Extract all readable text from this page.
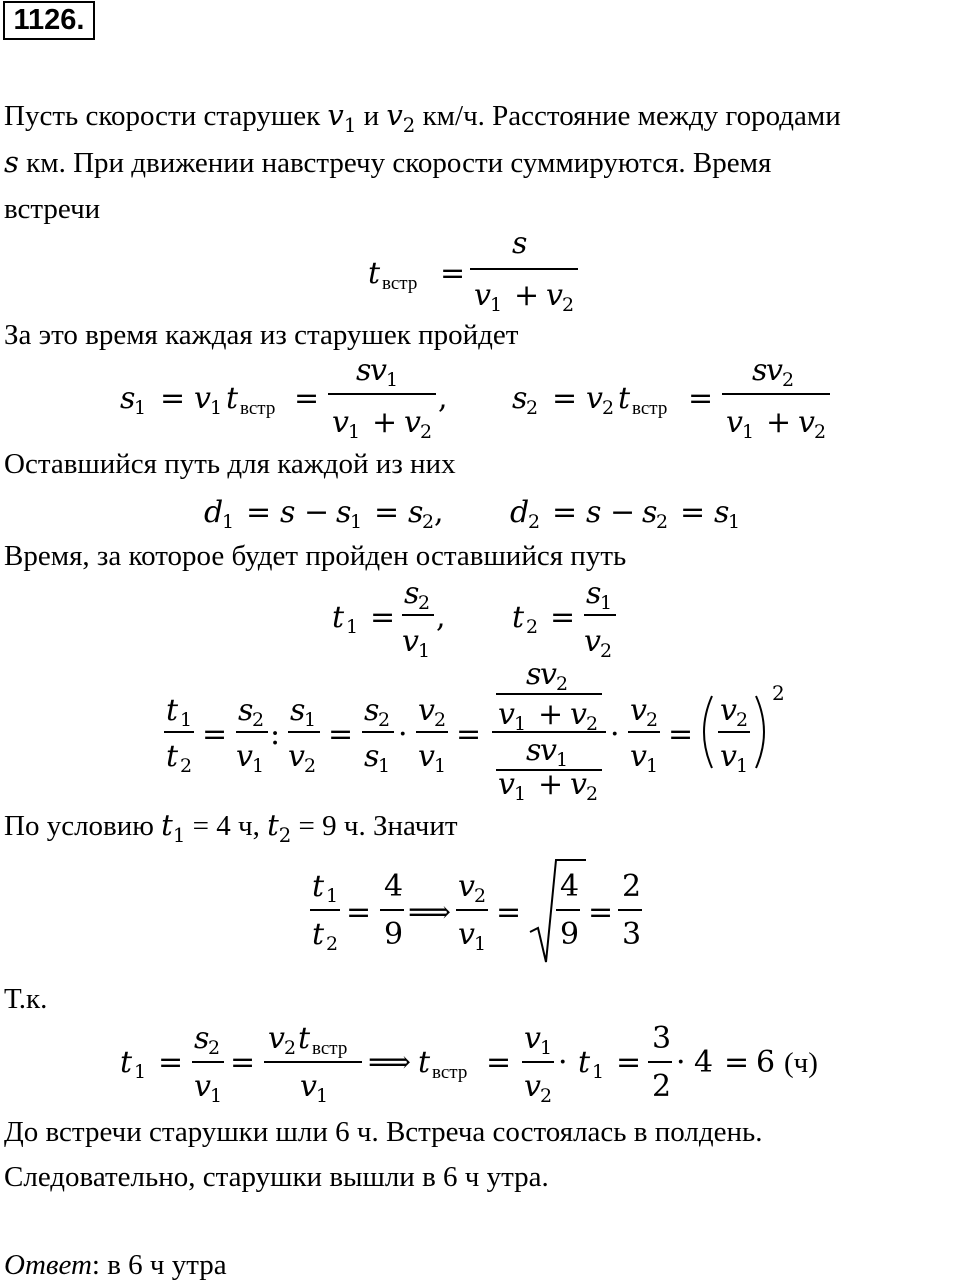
1126.
Пусть скорости старушек $v_1$ и $v_2$ км/ч. Расстояние между городами
s км. При движении навстречу скорости суммируются. Время
встречи
t встр =
s
v 1 + v 2
За это время каждая из старушек пройдет
s
1 = v 1 t встр =
s
v 1
v 1 + v 2
, s
2 = v 2 t встр =
s
v 2
v 1 + v 2
Оставшийся путь для каждой из них
d
1 = s − s
1 = s
2 , d
2 = s − s
2 = s
1
Время, за которое будет пройден оставшийся путь
t 1 =
s
2
v 1
, t 2 =
s
1
v 2
t 1
t 2
=
s
2
v 1
:
s
1
v 2
=
s
2
s
1
·
v 2
v 1
=
s
v 2
v 1 + v 2
s
v 1
v 1 + v 2
·
v 2
v 1
=
v 2
v 1
2
По условию $t_1 = 4$ ч, $t_2 = 9$ ч. Значит
t 1
t 2
=
4
9
⟹
v 2
v 1
=
4
9
=
2
3
Т.к.
t 1 =
s
2
v 1
=
v 2 t встр
v 1
⟹ t встр =
v 1
v 2
· t 1 =
3
2
· 4 = 6 (ч)
До встречи старушки шли 6 ч. Встреча состоялась в полдень.
Следовательно, старушки вышли в 6 ч утра.
Ответ: в 6 ч утра
